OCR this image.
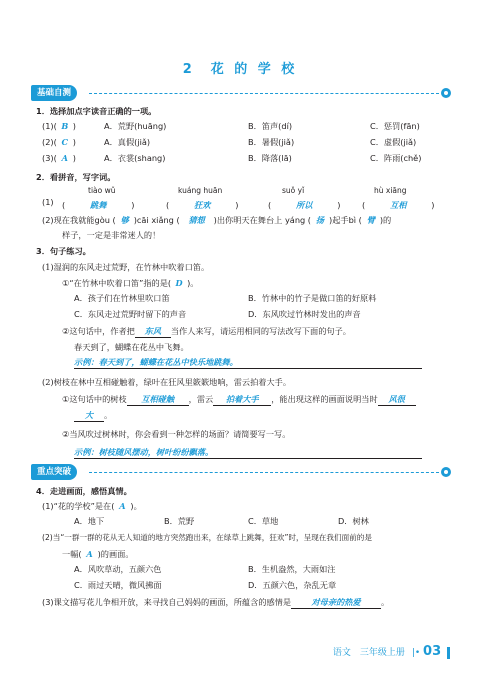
2　花 的 学 校
基础自测
1．选择加点字读音正确的一项。
(1)( B )	A．荒野(huāng)	B．笛声(dí)	C．惩罚(fān)
(2)( C )	A．真假(jiǎ)	B．暑假(jiǎ)	C．虚假(jiǎ)
(3)( A )	A．衣裳(shang)	B．降落(lā)	C．阵雨(chě)
2．看拼音，写字词。
tiào wǔ	kuáng huān	suǒ yǐ	hù xiāng
(1) (	跳舞	)	(	狂欢	)	(	所以	)	(	互相	)
(2)现在我就能gòu ( 够 )cāi xiǎng ( 猜想 )出你明天在舞台上 yáng ( 扬 )起手bì ( 臂 )的
样子，一定是非常迷人的！
3．句子练习。
(1)湿润的东风走过荒野，在竹林中吹着口笛。
①“在竹林中吹着口笛”指的是( D )。
A．孩子们在竹林里吹口笛	B．竹林中的竹子是做口笛的好原料
C．东风走过荒野时留下的声音	D．东风吹过竹林时发出的声音
②这句话中，作者把 东风 当作人来写，请运用相同的写法改写下面的句子。
春天到了，蝴蝶在花丛中飞舞。
示例：春天到了，蝴蝶在花丛中快乐地跳舞。
(2)树枝在林中互相碰触着，绿叶在狂风里簌簌地响，雷云拍着大手。
①这句话中的树枝 互相碰触 ，雷云 拍着大手 ，能出现这样的画面说明当时 风很
大 。
②当风吹过树林时，你会看到一种怎样的场面？请简要写一写。
示例：树枝随风摆动，树叶纷纷飘落。
重点突破
4．走进画面，感悟真情。
(1)“花的学校”是在( A )。
A．地下	B．荒野	C．草地	D．树林
(2)当“一群一群的花从无人知道的地方突然跑出来，在绿草上跳舞，狂欢”时，呈现在我们面前的是
一幅( A )的画面。
A．风吹草动，五颜六色	B．生机盎然，大雨如注
C．雨过天晴，微风拂面	D．五颜六色，杂乱无章
(3)课文描写花儿争相开放，来寻找自己妈妈的画面，所蕴含的感情是 对母亲的热爱 。
语文　三年级上册 |• 03
